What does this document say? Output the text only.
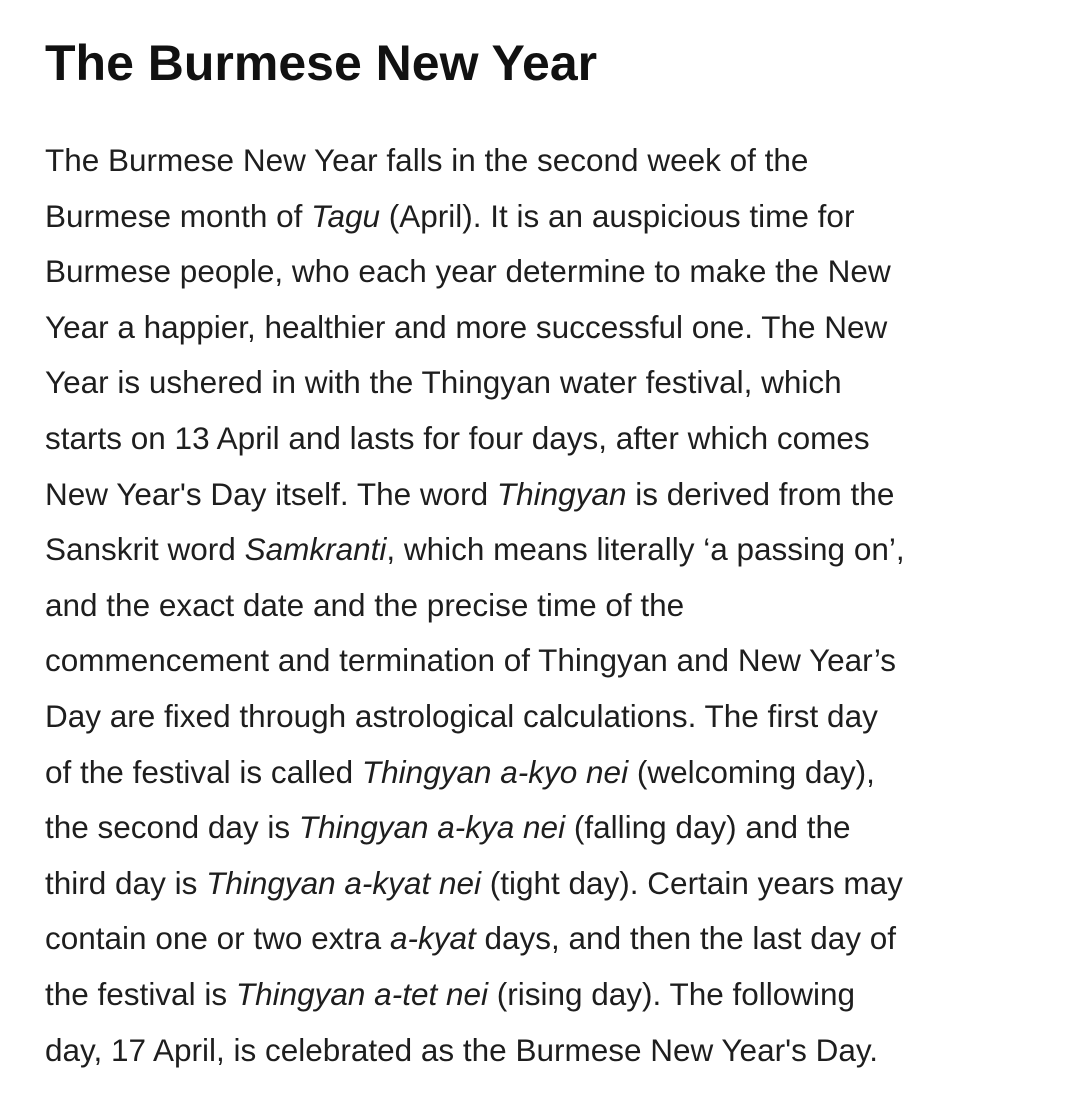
The Burmese New Year

The Burmese New Year falls in the second week of the
Burmese month of Tagu (April). It is an auspicious time for
Burmese people, who each year determine to make the New
Year a happier, healthier and more successful one. The New
Year is ushered in with the Thingyan water festival, which
starts on 13 April and lasts for four days, after which comes
New Year's Day itself. The word Thingyan is derived from the
Sanskrit word Samkranti, which means literally ‘a passing on’,
and the exact date and the precise time of the
commencement and termination of Thingyan and New Year’s
Day are fixed through astrological calculations. The first day
of the festival is called Thingyan a-kyo nei (welcoming day),
the second day is Thingyan a-kya nei (falling day) and the
third day is Thingyan a-kyat nei (tight day). Certain years may
contain one or two extra a-kyat days, and then the last day of
the festival is Thingyan a-tet nei (rising day). The following
day, 17 April, is celebrated as the Burmese New Year's Day.
